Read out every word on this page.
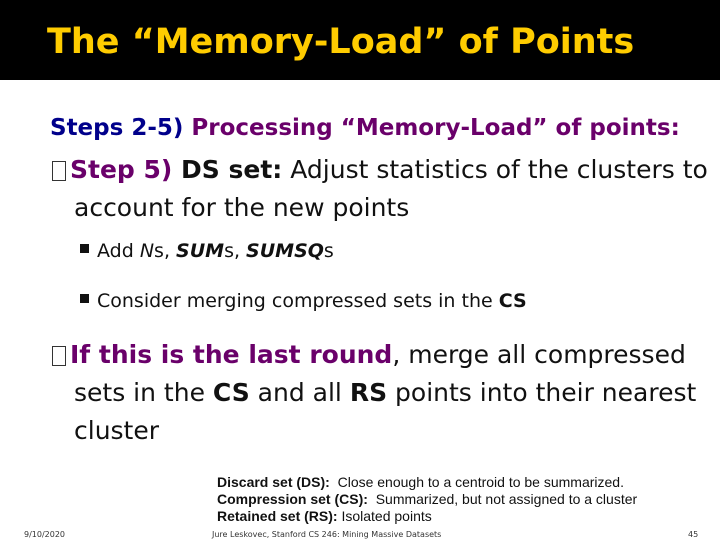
The “Memory-Load” of Points
Steps 2-5) Processing “Memory-Load” of points:
Step 5) DS set: Adjust statistics of the clusters to
account for the new points
Add Ns, SUMs, SUMSQs
Consider merging compressed sets in the CS
If this is the last round, merge all compressed
sets in the CS and all RS points into their nearest
cluster
Discard set (DS):  Close enough to a centroid to be summarized.
Compression set (CS):  Summarized, but not assigned to a cluster
Retained set (RS): Isolated points
9/10/2020	Jure Leskovec, Stanford CS 246: Mining Massive Datasets	45
